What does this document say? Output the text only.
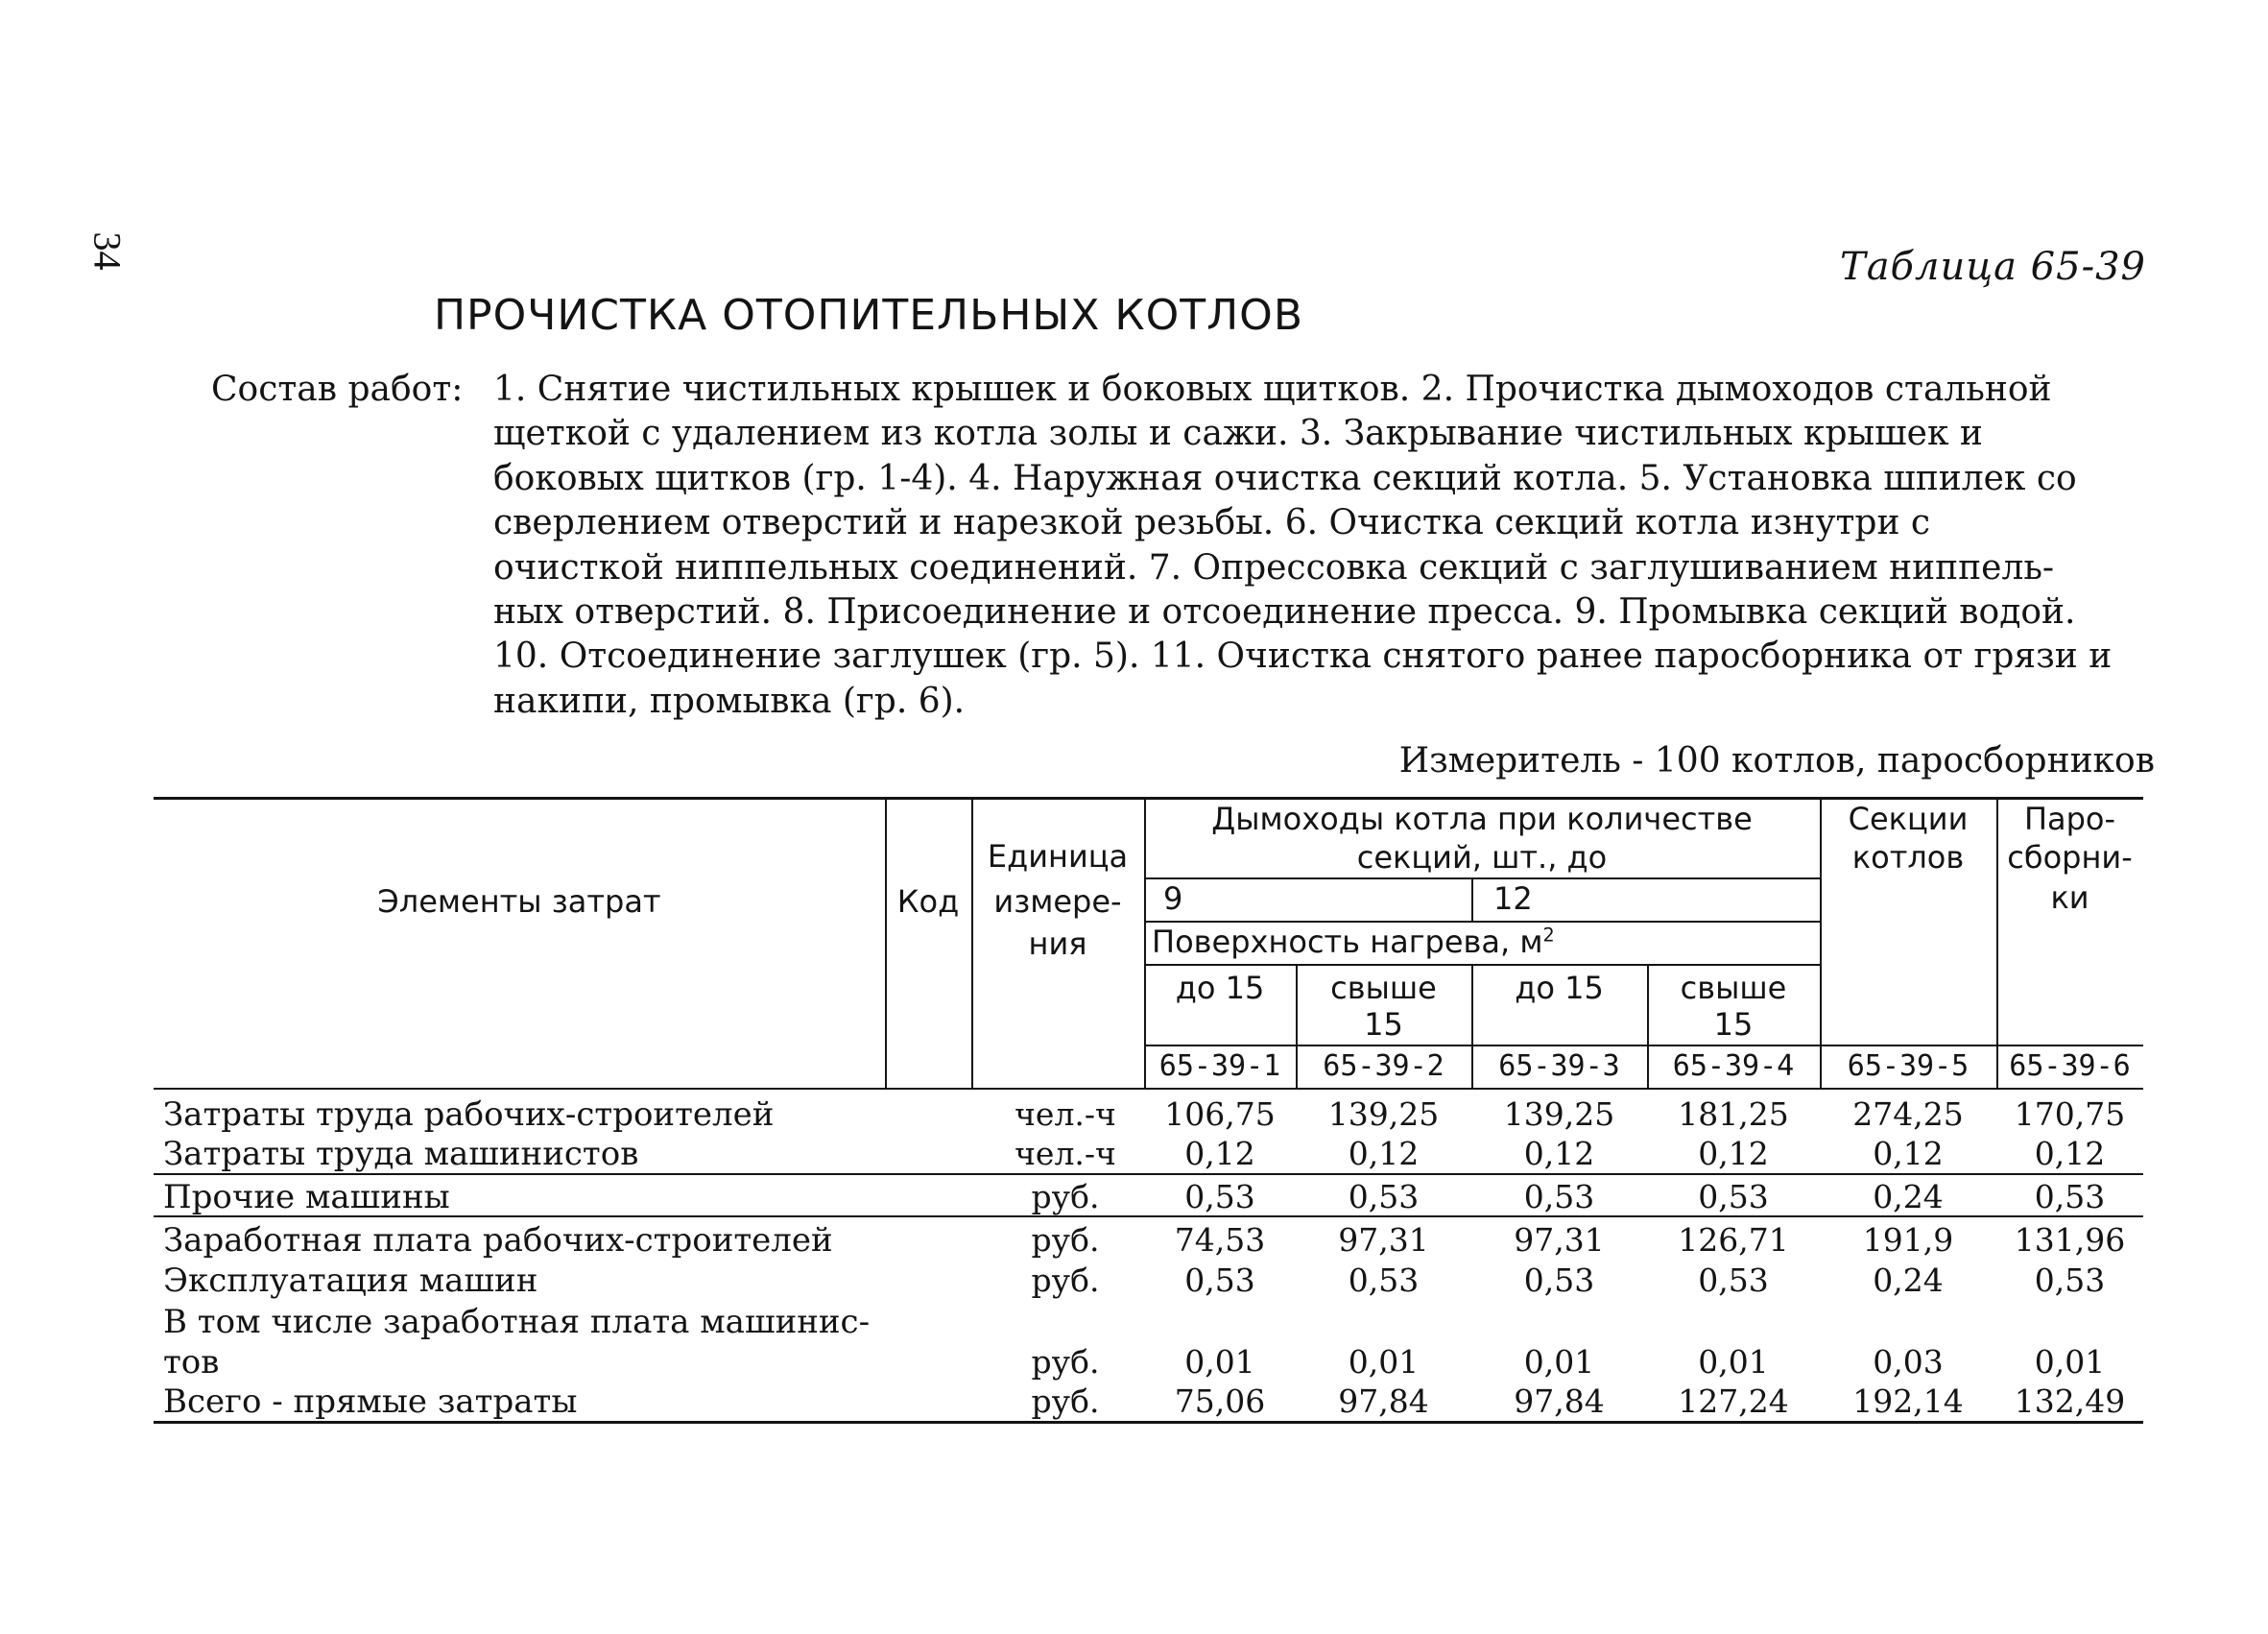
34	Таблица 65-39
ПРОЧИСТКА ОТОПИТЕЛЬНЫХ КОТЛОВ
Состав работ: 1. Снятие чистильных крышек и боковых щитков. 2. Прочистка дымоходов стальной
щеткой с удалением из котла золы и сажи. 3. Закрывание чистильных крышек и
боковых щитков (гр. 1-4). 4. Наружная очистка секций котла. 5. Установка шпилек со
сверлением отверстий и нарезкой резьбы. 6. Очистка секций котла изнутри с
очисткой ниппельных соединений. 7. Опрессовка секций с заглушиванием ниппель-
ных отверстий. 8. Присоединение и отсоединение пресса. 9. Промывка секций водой.
10. Отсоединение заглушек (гр. 5). 11. Очистка снятого ранее паросборника от грязи и
накипи, промывка (гр. 6).
Измеритель - 100 котлов, паросборников
Элементы затрат	Код
Единица
измере-
ния
Дымоходы котла при количестве
секций, шт., до
9	12
Поверхность нагрева, $м^2$
до 15	свыше
15
до 15	свыше
15
Секции
котлов
Паро-
сборни-
ки
65-39-1	65-39-2	65-39-3	65-39-4	65-39-5	65-39-6
Затраты труда рабочих-строителей	чел.-ч	106,75	139,25	139,25	181,25	274,25	170,75
Затраты труда машинистов	чел.-ч	0,12	0,12	0,12	0,12	0,12	0,12
Прочие машины	руб.	0,53	0,53	0,53	0,53	0,24	0,53
Заработная плата рабочих-строителей	руб.	74,53	97,31	97,31	126,71	191,9	131,96
Эксплуатация машин	руб.	0,53	0,53	0,53	0,53	0,24	0,53
В том числе заработная плата машинис-
тов	руб.	0,01	0,01	0,01	0,01	0,03	0,01
Всего - прямые затраты	руб.	75,06	97,84	97,84	127,24	192,14	132,49
